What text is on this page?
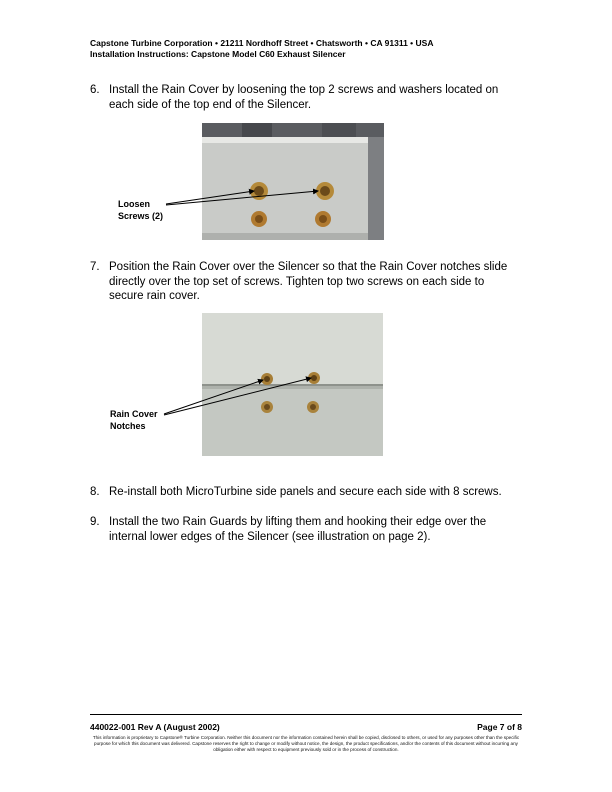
Capstone Turbine Corporation • 21211 Nordhoff Street • Chatsworth • CA 91311 • USA
Installation Instructions: Capstone Model C60 Exhaust Silencer
6. Install the Rain Cover by loosening the top 2 screws and washers located on each side of the top end of the Silencer.
Loosen
Screws (2)
7. Position the Rain Cover over the Silencer so that the Rain Cover notches slide directly over the top set of screws. Tighten top two screws on each side to secure rain cover.
Rain Cover
Notches
8. Re-install both MicroTurbine side panels and secure each side with 8 screws.
9. Install the two Rain Guards by lifting them and hooking their edge over the internal lower edges of the Silencer (see illustration on page 2).
440022-001 Rev A (August 2002)	Page 7 of 8
This information is proprietary to Capstone® Turbine Corporation. Neither this document nor the information contained herein shall be copied, disclosed to others, or used for any purposes other than the specific purpose for which this document was delivered. Capstone reserves the right to change or modify without notice, the design, the product specifications, and/or the contents of this document without incurring any obligation either with respect to equipment previously sold or in the process of construction.
